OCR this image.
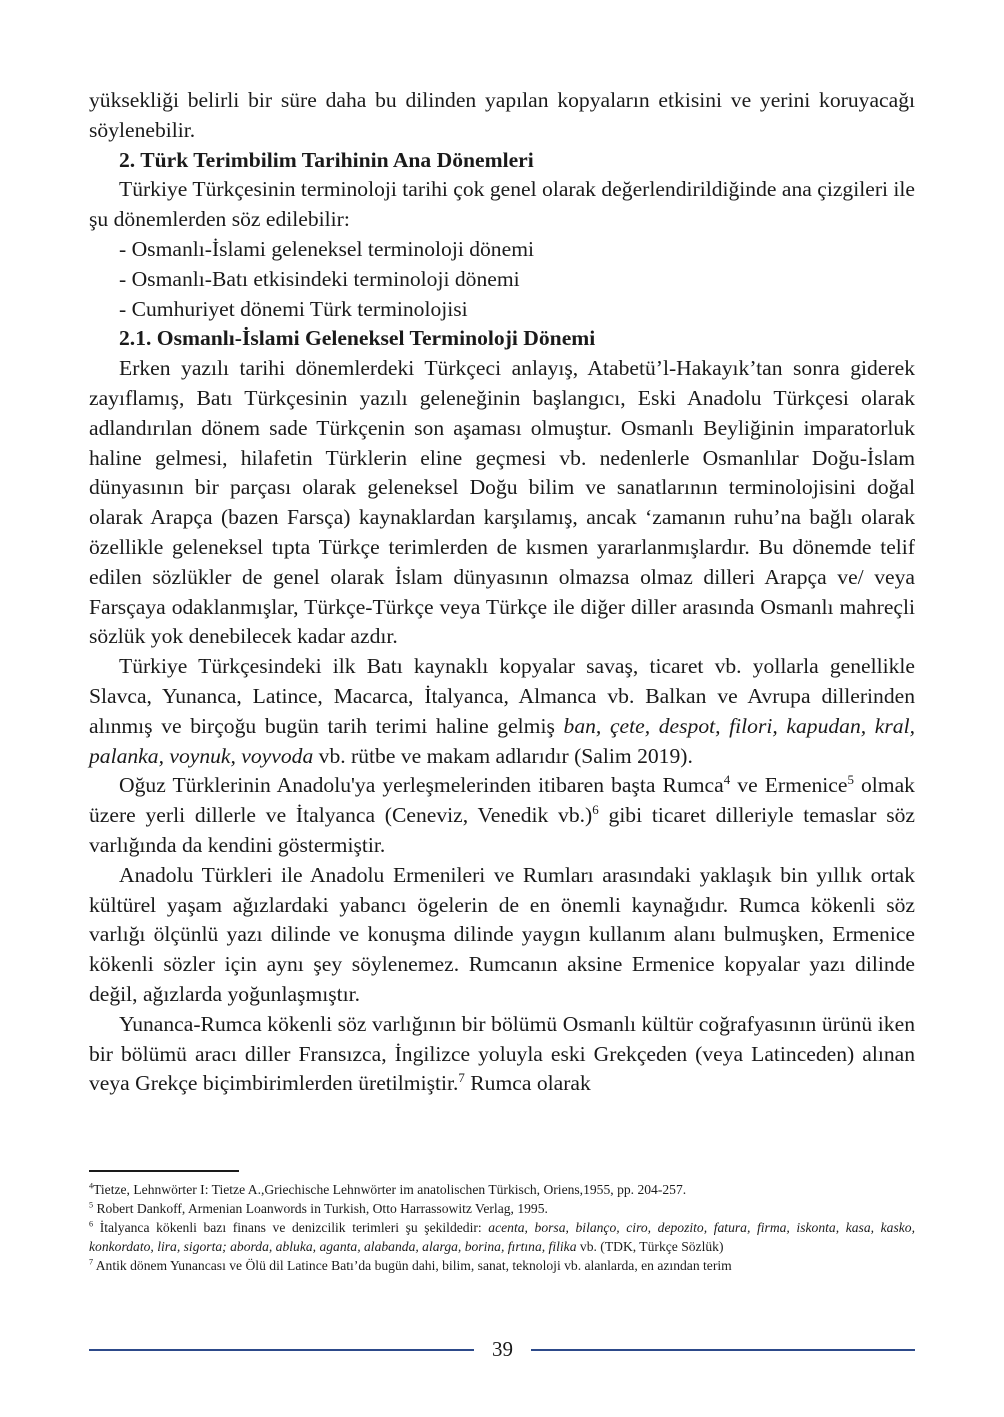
yüksekliği belirli bir süre daha bu dilinden yapılan kopyaların etkisini ve yerini koruyacağı söylenebilir.

2. Türk Terimbilim Tarihinin Ana Dönemleri

Türkiye Türkçesinin terminoloji tarihi çok genel olarak değerlendirildiğinde ana çizgileri ile şu dönemlerden söz edilebilir:

- Osmanlı-İslami geleneksel terminoloji dönemi

- Osmanlı-Batı etkisindeki terminoloji dönemi

- Cumhuriyet dönemi Türk terminolojisi

2.1. Osmanlı-İslami Geleneksel Terminoloji Dönemi

Erken yazılı tarihi dönemlerdeki Türkçeci anlayış, Atabetü’l-Hakayık’tan sonra giderek zayıflamış, Batı Türkçesinin yazılı geleneğinin başlangıcı, Eski Anadolu Türkçesi olarak adlandırılan dönem sade Türkçenin son aşaması olmuştur. Osmanlı Beyliğinin imparatorluk haline gelmesi, hilafetin Türklerin eline geçmesi vb. nedenlerle Osmanlılar Doğu-İslam dünyasının bir parçası olarak geleneksel Doğu bilim ve sanatlarının terminolojisini doğal olarak Arapça (bazen Farsça) kaynaklardan karşılamış, ancak ‘zamanın ruhu’na bağlı olarak özellikle geleneksel tıpta Türkçe terimlerden de kısmen yararlanmışlardır. Bu dönemde telif edilen sözlükler de genel olarak İslam dünyasının olmazsa olmaz dilleri Arapça ve/ veya Farsçaya odaklanmışlar, Türkçe-Türkçe veya Türkçe ile diğer diller arasında Osmanlı mahreçli sözlük yok denebilecek kadar azdır.

Türkiye Türkçesindeki ilk Batı kaynaklı kopyalar savaş, ticaret vb. yollarla genellikle Slavca, Yunanca, Latince, Macarca, İtalyanca, Almanca vb. Balkan ve Avrupa dillerinden alınmış ve birçoğu bugün tarih terimi haline gelmiş ban, çete, despot, filori, kapudan, kral, palanka, voynuk, voyvoda vb. rütbe ve makam adlarıdır (Salim 2019).

Oğuz Türklerinin Anadolu'ya yerleşmelerinden itibaren başta Rumca$^4$ ve Ermenice$^5$ olmak üzere yerli dillerle ve İtalyanca (Ceneviz, Venedik vb.)$^6$ gibi ticaret dilleriyle temaslar söz varlığında da kendini göstermiştir.

Anadolu Türkleri ile Anadolu Ermenileri ve Rumları arasındaki yaklaşık bin yıllık ortak kültürel yaşam ağızlardaki yabancı ögelerin de en önemli kaynağıdır. Rumca kökenli söz varlığı ölçünlü yazı dilinde ve konuşma dilinde yaygın kullanım alanı bulmuşken, Ermenice kökenli sözler için aynı şey söylenemez. Rumcanın aksine Ermenice kopyalar yazı dilinde değil, ağızlarda yoğunlaşmıştır.

Yunanca-Rumca kökenli söz varlığının bir bölümü Osmanlı kültür coğrafyasının ürünü iken bir bölümü aracı diller Fransızca, İngilizce yoluyla eski Grekçeden (veya Latinceden) alınan veya Grekçe biçimbirimlerden üretilmiştir.$^7$ Rumca olarak

$^4$Tietze, Lehnwörter I: Tietze A.,Griechische Lehnwörter im anatolischen Türkisch, Oriens,1955, pp. 204-257.

$^5$ Robert Dankoff, Armenian Loanwords in Turkish, Otto Harrassowitz Verlag, 1995.

$^6$ İtalyanca kökenli bazı finans ve denizcilik terimleri şu şekildedir: acenta, borsa, bilanço, ciro, depozito, fatura, firma, iskonta, kasa, kasko, konkordato, lira, sigorta; aborda, abluka, aganta, alabanda, alarga, borina, fırtına, filika vb. (TDK, Türkçe Sözlük)

$^7$ Antik dönem Yunancası ve Ölü dil Latince Batı’da bugün dahi, bilim, sanat, teknoloji vb. alanlarda, en azından terim

39
